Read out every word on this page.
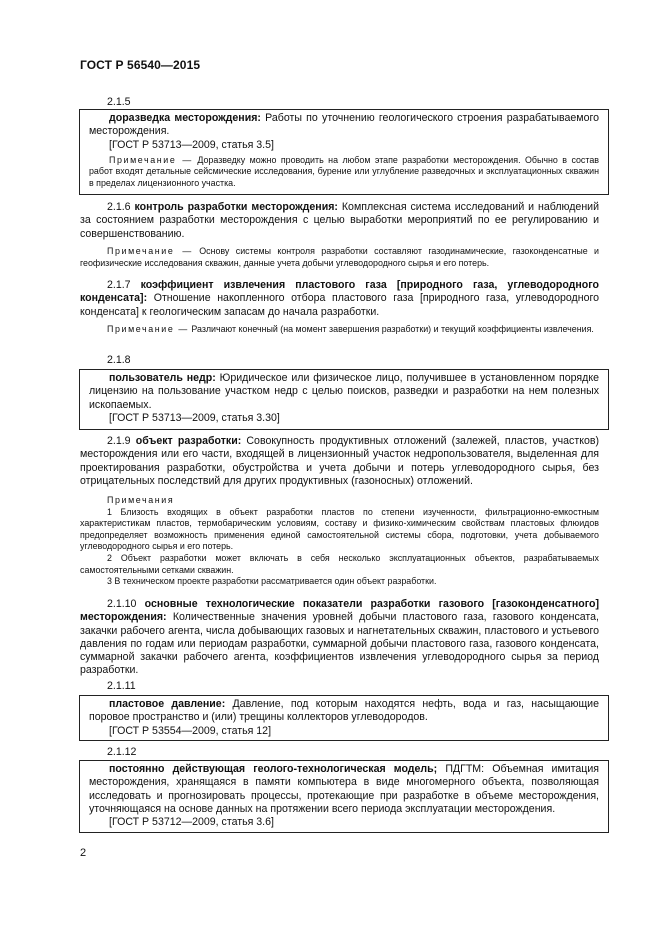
ГОСТ Р 56540—2015
2.1.5
доразведка месторождения: Работы по уточнению геологического строения разрабатываемого месторождения.
[ГОСТ Р 53713—2009, статья 3.5]
Примечание — Доразведку можно проводить на любом этапе разработки месторождения. Обычно в состав работ входят детальные сейсмические исследования, бурение или углубление разведочных и эксплуатационных скважин в пределах лицензионного участка.
2.1.6 контроль разработки месторождения: Комплексная система исследований и наблюдений за состоянием разработки месторождения с целью выработки мероприятий по ее регулированию и совершенствованию.
Примечание — Основу системы контроля разработки составляют газодинамические, газоконденсатные и геофизические исследования скважин, данные учета добычи углеводородного сырья и его потерь.
2.1.7 коэффициент извлечения пластового газа [природного газа, углеводородного конденсата]: Отношение накопленного отбора пластового газа [природного газа, углеводородного конденсата] к геологическим запасам до начала разработки.
Примечание — Различают конечный (на момент завершения разработки) и текущий коэффициенты извлечения.
2.1.8
пользователь недр: Юридическое или физическое лицо, получившее в установленном порядке лицензию на пользование участком недр с целью поисков, разведки и разработки на нем полезных ископаемых.
[ГОСТ Р 53713—2009, статья 3.30]
2.1.9 объект разработки: Совокупность продуктивных отложений (залежей, пластов, участков) месторождения или его части, входящей в лицензионный участок недропользователя, выделенная для проектирования разработки, обустройства и учета добычи и потерь углеводородного сырья, без отрицательных последствий для других продуктивных (газоносных) отложений.
Примечания
1 Близость входящих в объект разработки пластов по степени изученности, фильтрационно-емкостным характеристикам пластов, термобарическим условиям, составу и физико-химическим свойствам пластовых флюидов предопределяет возможность применения единой самостоятельной системы сбора, подготовки, учета добываемого углеводородного сырья и его потерь.
2 Объект разработки может включать в себя несколько эксплуатационных объектов, разрабатываемых самостоятельными сетками скважин.
3 В техническом проекте разработки рассматривается один объект разработки.
2.1.10 основные технологические показатели разработки газового [газоконденсатного] месторождения: Количественные значения уровней добычи пластового газа, газового конденсата, закачки рабочего агента, числа добывающих газовых и нагнетательных скважин, пластового и устьевого давления по годам или периодам разработки, суммарной добычи пластового газа, газового конденсата, суммарной закачки рабочего агента, коэффициентов извлечения углеводородного сырья за период разработки.
2.1.11
пластовое давление: Давление, под которым находятся нефть, вода и газ, насыщающие поровое пространство и (или) трещины коллекторов углеводородов.
[ГОСТ Р 53554—2009, статья 12]
2.1.12
постоянно действующая геолого-технологическая модель; ПДГТМ: Объемная имитация месторождения, хранящаяся в памяти компьютера в виде многомерного объекта, позволяющая исследовать и прогнозировать процессы, протекающие при разработке в объеме месторождения, уточняющаяся на основе данных на протяжении всего периода эксплуатации месторождения.
[ГОСТ Р 53712—2009, статья 3.6]
2
